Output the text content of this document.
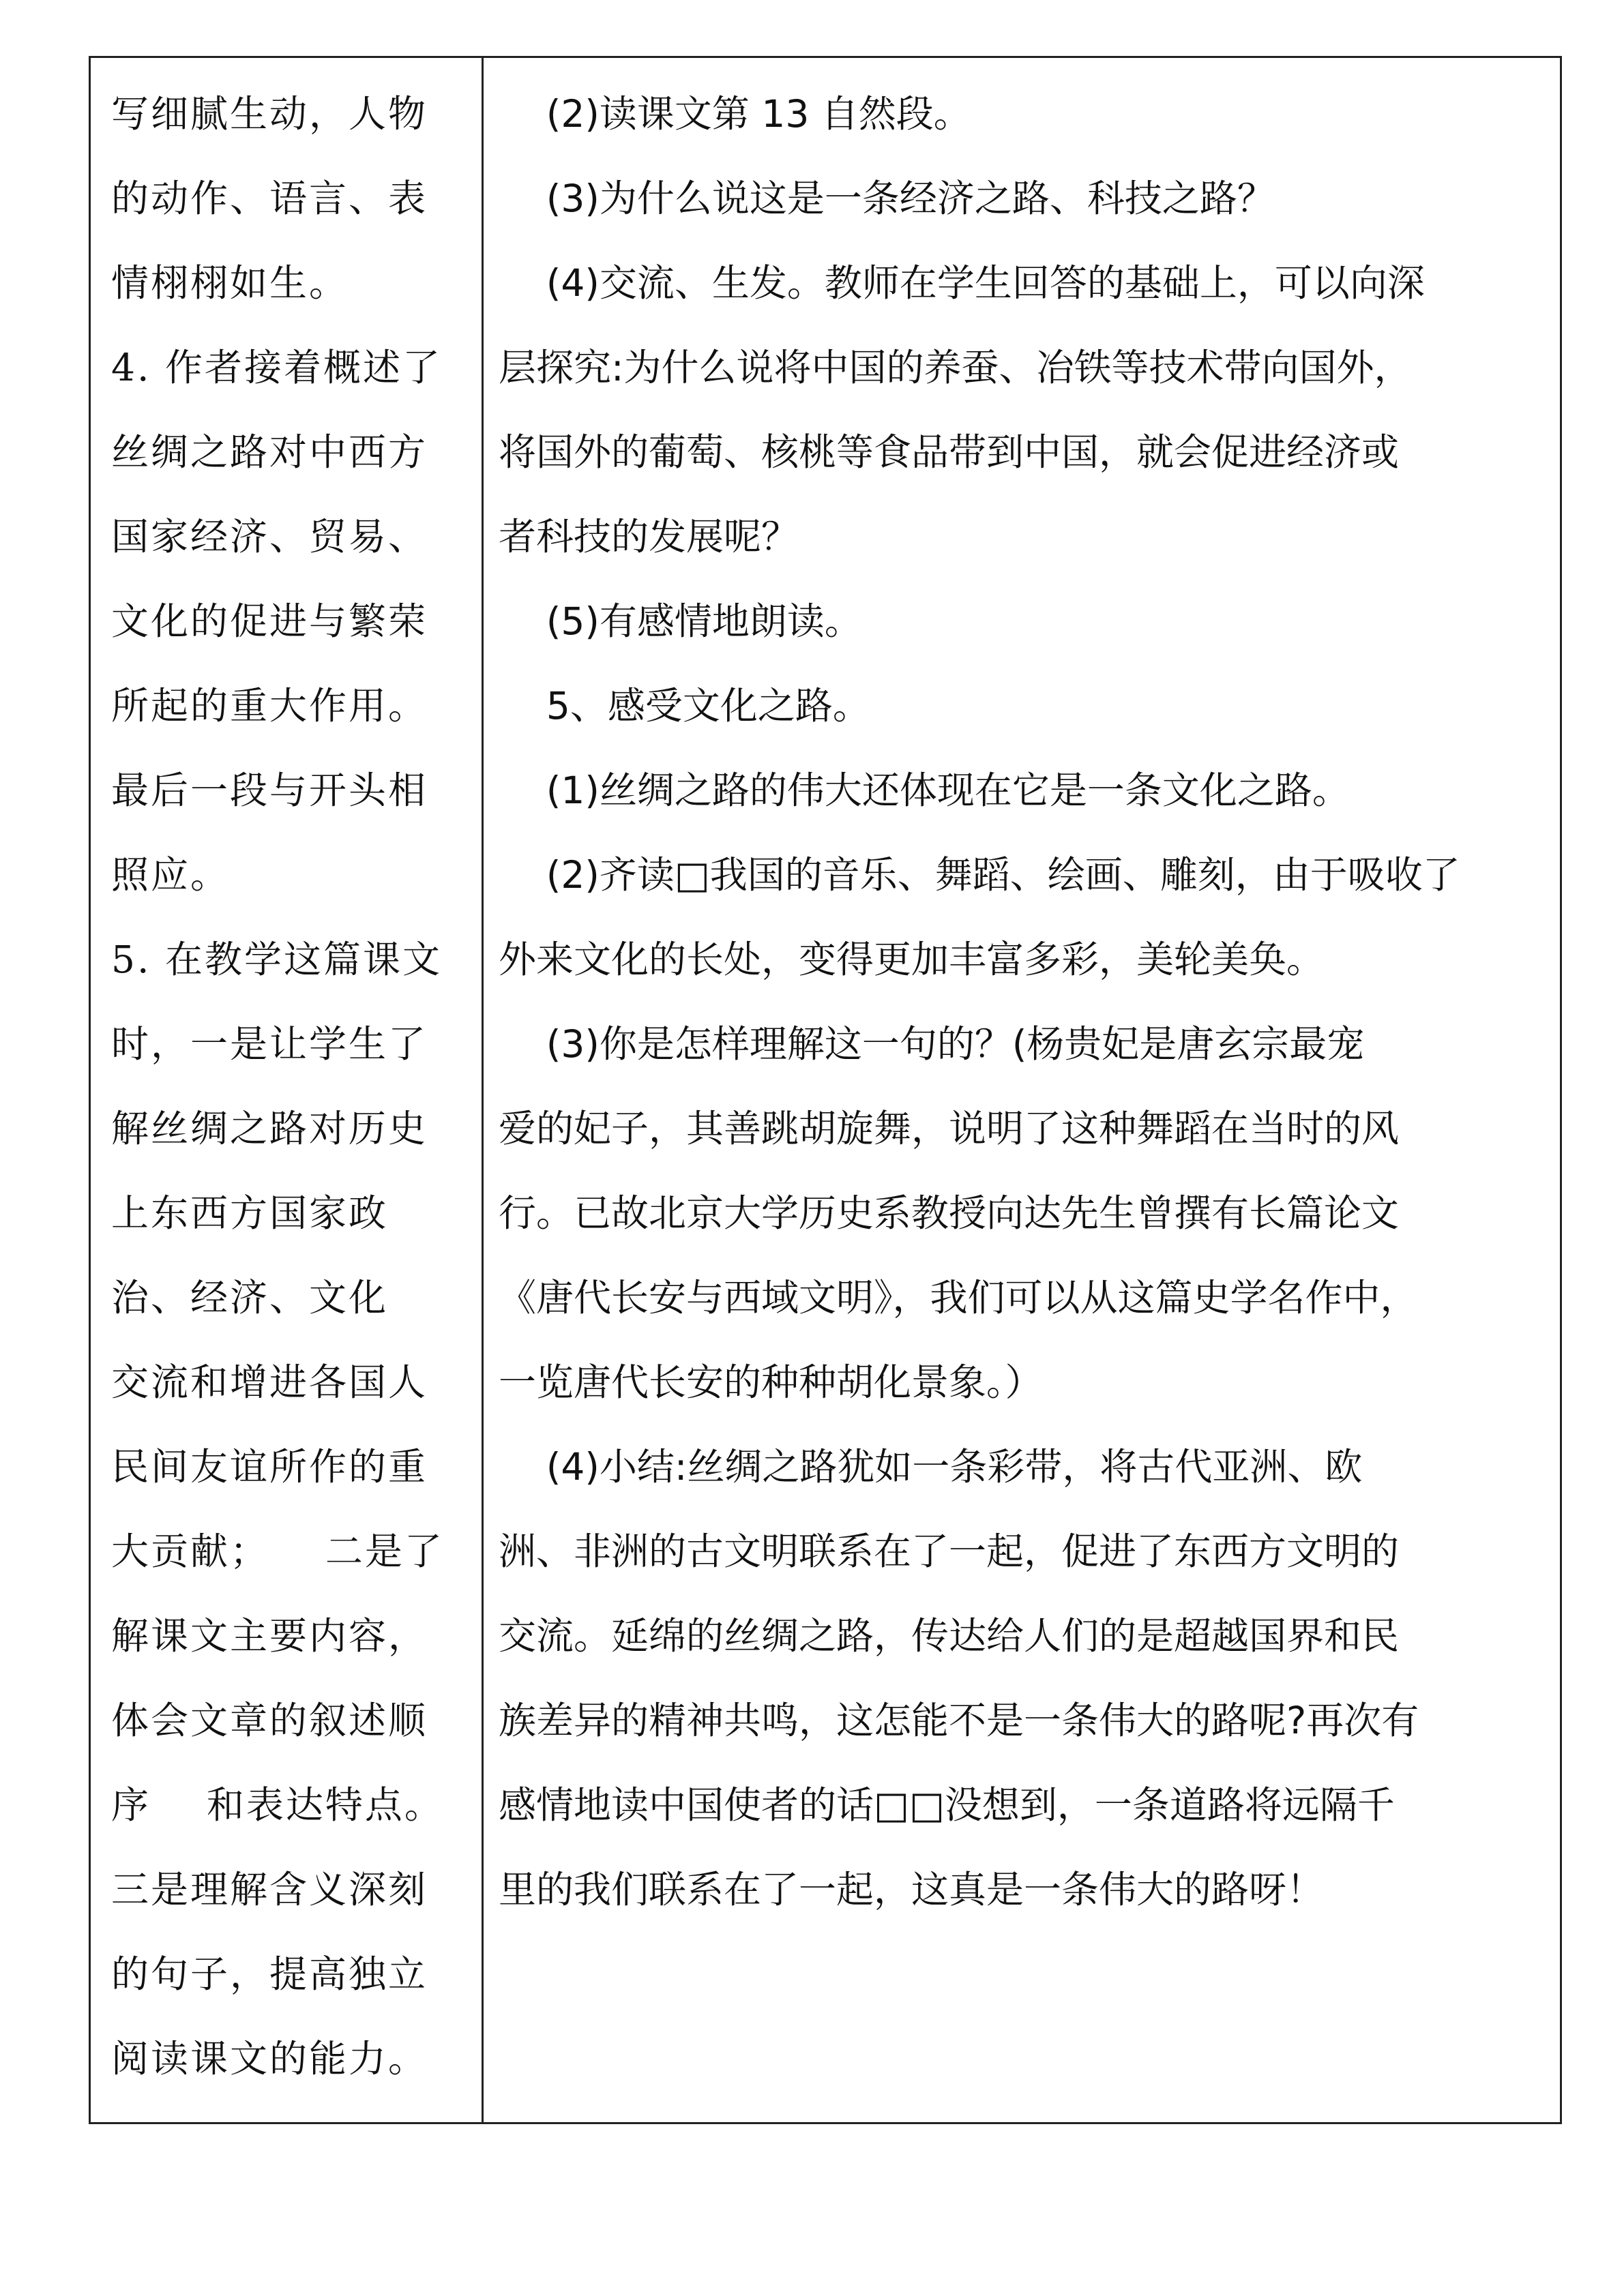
写细腻生动，人物
的动作、语言、表
情栩栩如生。
4. 作者接着概述了
丝绸之路对中西方
国家经济、贸易、
文化的促进与繁荣
所起的重大作用。
最后一段与开头相
照应。
5. 在教学这篇课文
时，一是让学生了
解丝绸之路对历史
上东西方国家政
治、经济、文化
交流和增进各国人
民间友谊所作的重
大贡献；    二是了
解课文主要内容，
体会文章的叙述顺
序    和表达特点。
三是理解含义深刻
的句子，提高独立
阅读课文的能力。
(2)读课文第 13 自然段。
(3)为什么说这是一条经济之路、科技之路？
(4)交流、生发。教师在学生回答的基础上，可以向深
层探究:为什么说将中国的养蚕、冶铁等技术带向国外，
将国外的葡萄、核桃等食品带到中国，就会促进经济或
者科技的发展呢？
(5)有感情地朗读。
5、感受文化之路。
(1)丝绸之路的伟大还体现在它是一条文化之路。
(2)齐读□我国的音乐、舞蹈、绘画、雕刻，由于吸收了
外来文化的长处，变得更加丰富多彩，美轮美奂。
(3)你是怎样理解这一句的？(杨贵妃是唐玄宗最宠
爱的妃子，其善跳胡旋舞，说明了这种舞蹈在当时的风
行。已故北京大学历史系教授向达先生曾撰有长篇论文
《唐代长安与西域文明》，我们可以从这篇史学名作中，
一览唐代长安的种种胡化景象。）
(4)小结:丝绸之路犹如一条彩带，将古代亚洲、欧
洲、非洲的古文明联系在了一起，促进了东西方文明的
交流。延绵的丝绸之路，传达给人们的是超越国界和民
族差异的精神共鸣，这怎能不是一条伟大的路呢?再次有
感情地读中国使者的话□□没想到，一条道路将远隔千
里的我们联系在了一起，这真是一条伟大的路呀！
